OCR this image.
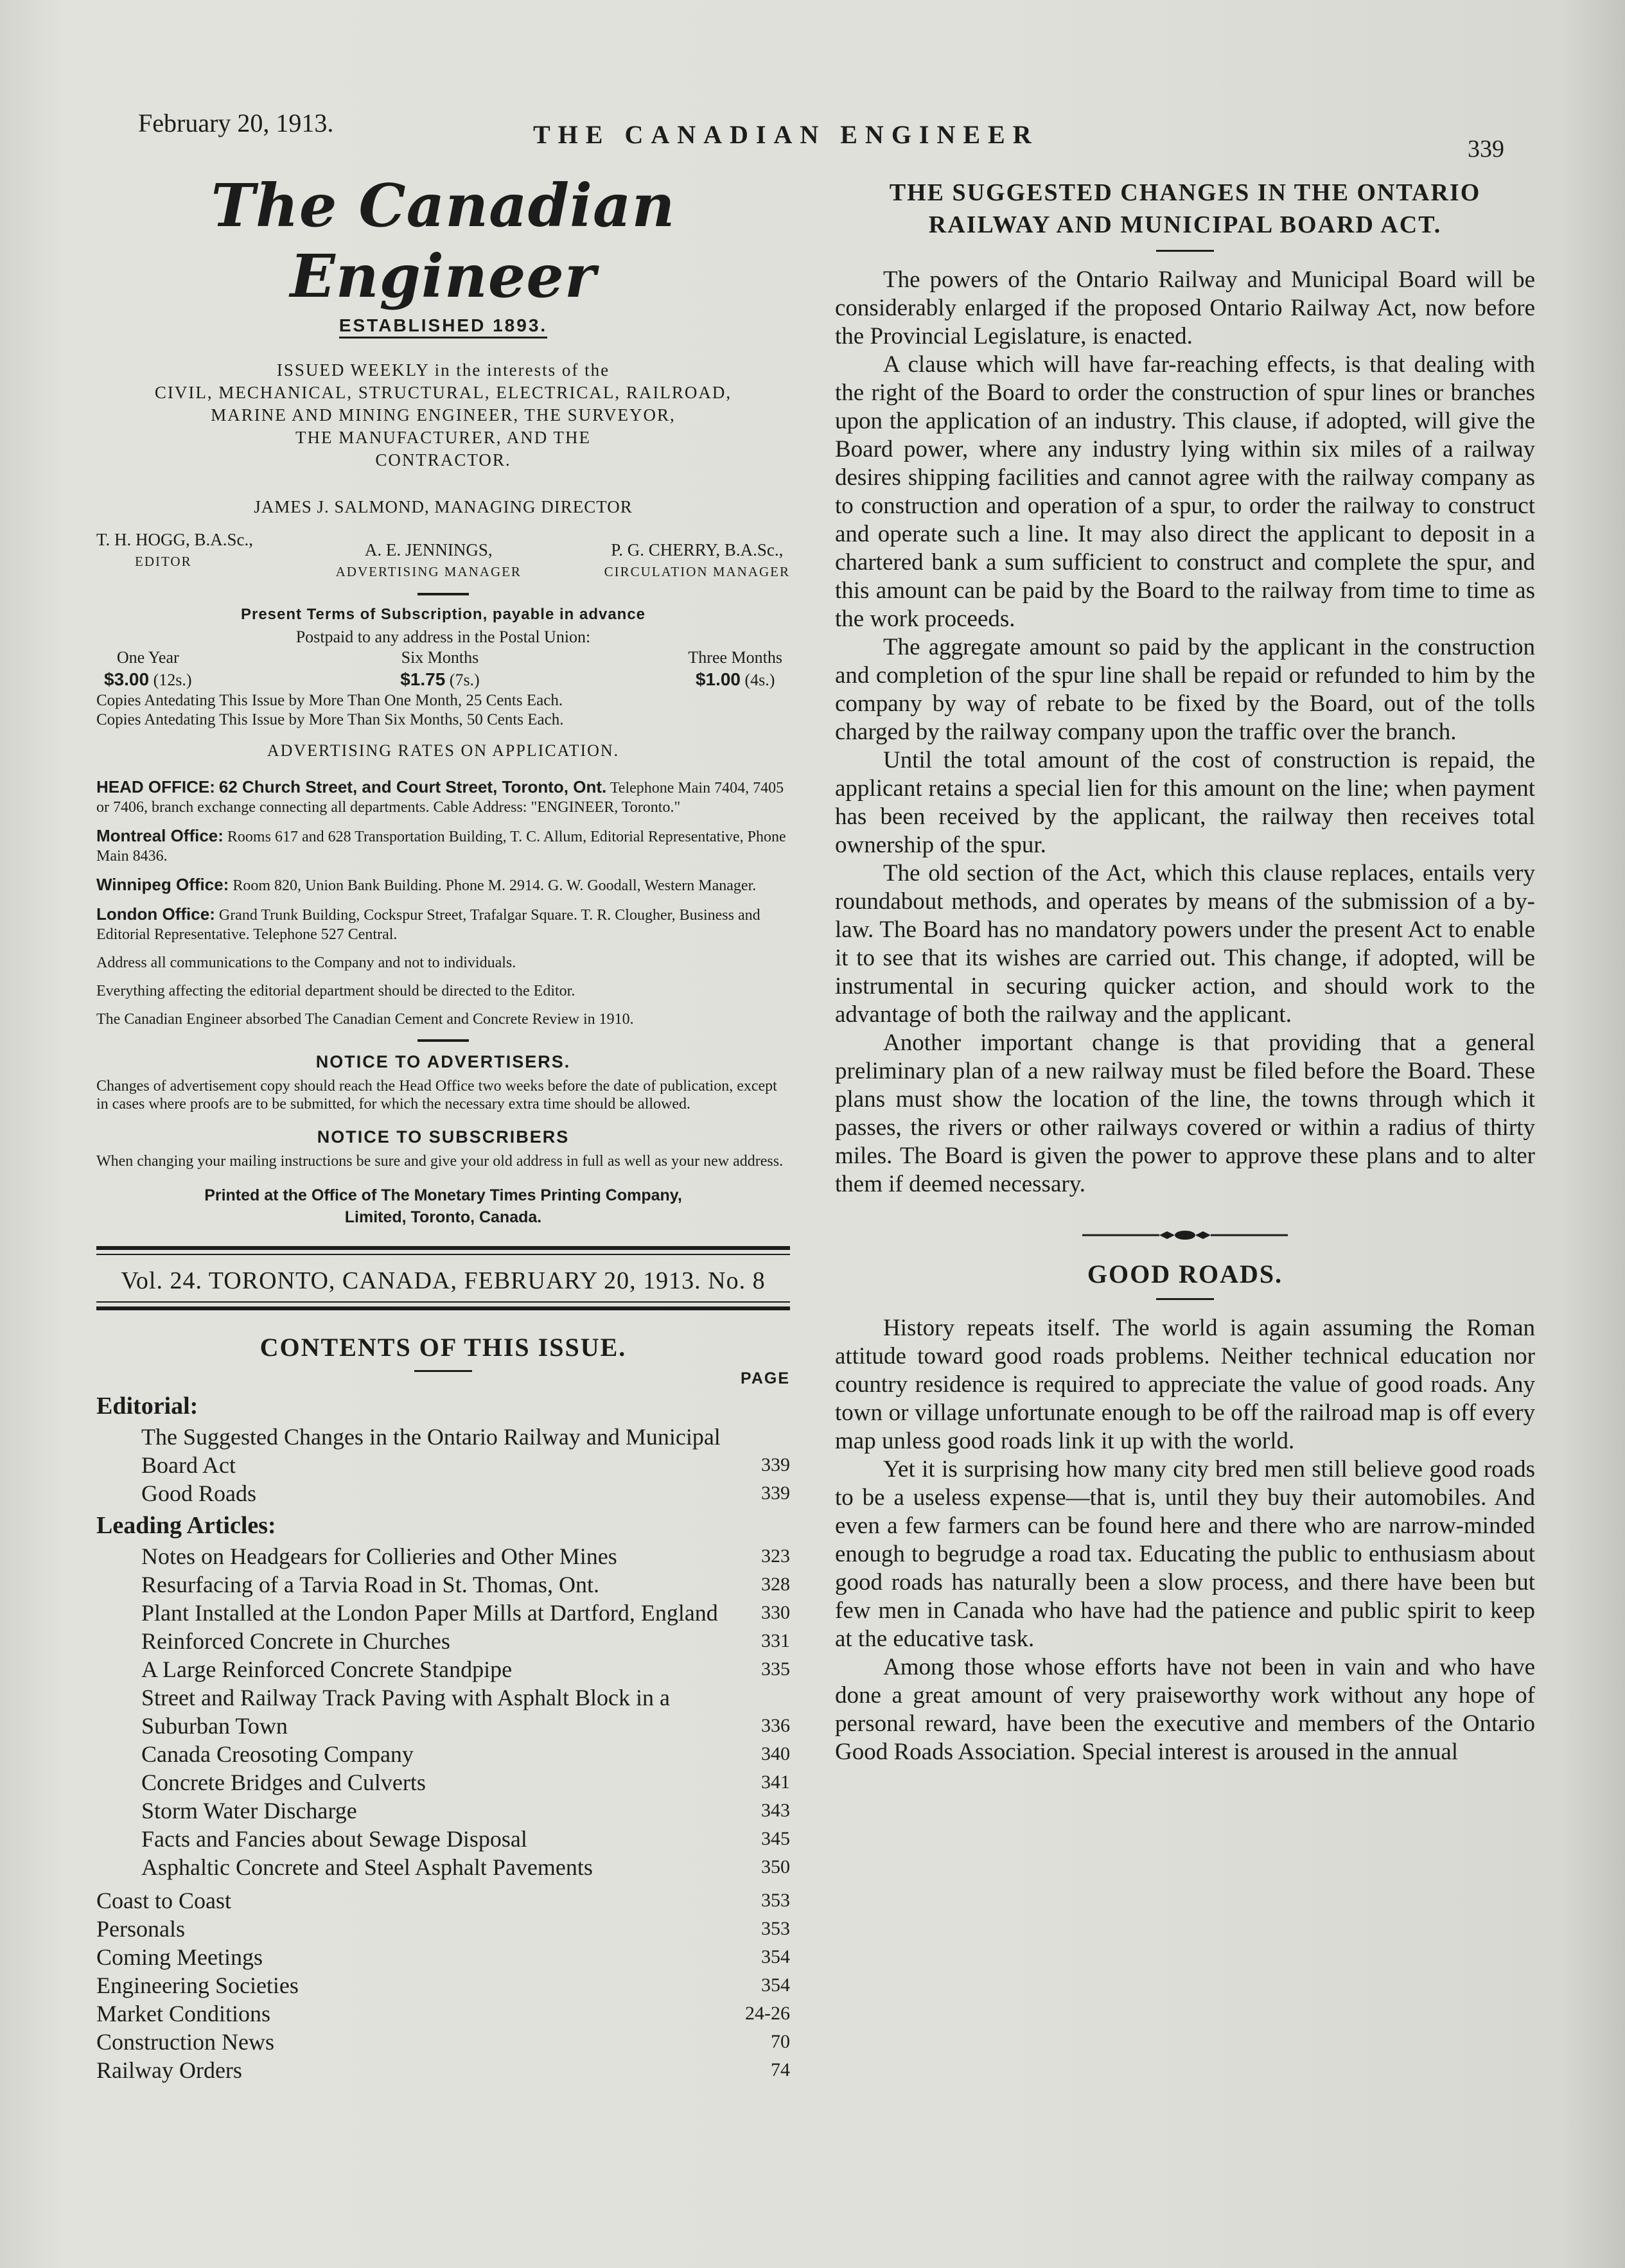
February 20, 1913.	THE CANADIAN ENGINEER	339
The Canadian Engineer
ESTABLISHED 1893.
ISSUED WEEKLY in the interests of the
CIVIL, MECHANICAL, STRUCTURAL, ELECTRICAL, RAILROAD,
MARINE AND MINING ENGINEER, THE SURVEYOR,
THE MANUFACTURER, AND THE
CONTRACTOR.
JAMES J. SALMOND, MANAGING DIRECTOR
T. H. HOGG, B.A.Sc.,
EDITOR
A. E. JENNINGS,
ADVERTISING MANAGER
P. G. CHERRY, B.A.Sc.,
CIRCULATION MANAGER
Present Terms of Subscription, payable in advance
Postpaid to any address in the Postal Union:
One Year
$3.00 (12s.)
Six Months
$1.75 (7s.)
Three Months
$1.00 (4s.)
Copies Antedating This Issue by More Than One Month, 25 Cents Each.
Copies Antedating This Issue by More Than Six Months, 50 Cents Each.
ADVERTISING RATES ON APPLICATION.

HEAD OFFICE: 62 Church Street, and Court Street, Toronto, Ont. Telephone Main 7404, 7405 or 7406, branch exchange connecting all departments. Cable Address: "ENGINEER, Toronto."

Montreal Office: Rooms 617 and 628 Transportation Building, T. C. Allum, Editorial Representative, Phone Main 8436.

Winnipeg Office: Room 820, Union Bank Building. Phone M. 2914. G. W. Goodall, Western Manager.

London Office: Grand Trunk Building, Cockspur Street, Trafalgar Square. T. R. Clougher, Business and Editorial Representative. Telephone 527 Central.

Address all communications to the Company and not to individuals.

Everything affecting the editorial department should be directed to the Editor.

The Canadian Engineer absorbed The Canadian Cement and Concrete Review in 1910.

NOTICE TO ADVERTISERS.
Changes of advertisement copy should reach the Head Office two weeks before the date of publication, except in cases where proofs are to be submitted, for which the necessary extra time should be allowed.
NOTICE TO SUBSCRIBERS
When changing your mailing instructions be sure and give your old address in full as well as your new address.
Printed at the Office of The Monetary Times Printing Company,
Limited, Toronto, Canada.
Vol. 24. TORONTO, CANADA, FEBRUARY 20, 1913. No. 8
CONTENTS OF THIS ISSUE.
PAGE
Editorial:
The Suggested Changes in the Ontario Railway and Municipal Board Act	339
Good Roads	339
Leading Articles:
Notes on Headgears for Collieries and Other Mines	323
Resurfacing of a Tarvia Road in St. Thomas, Ont.	328
Plant Installed at the London Paper Mills at Dartford, England	330
Reinforced Concrete in Churches	331
A Large Reinforced Concrete Standpipe	335
Street and Railway Track Paving with Asphalt Block in a Suburban Town	336
Canada Creosoting Company	340
Concrete Bridges and Culverts	341
Storm Water Discharge	343
Facts and Fancies about Sewage Disposal	345
Asphaltic Concrete and Steel Asphalt Pavements	350
Coast to Coast	353
Personals	353
Coming Meetings	354
Engineering Societies	354
Market Conditions	24-26
Construction News	70
Railway Orders	74
THE SUGGESTED CHANGES IN THE ONTARIO
RAILWAY AND MUNICIPAL BOARD ACT.

The powers of the Ontario Railway and Municipal Board will be considerably enlarged if the proposed Ontario Railway Act, now before the Provincial Legislature, is enacted.

A clause which will have far-reaching effects, is that dealing with the right of the Board to order the construction of spur lines or branches upon the application of an industry. This clause, if adopted, will give the Board power, where any industry lying within six miles of a railway desires shipping facilities and cannot agree with the railway company as to construction and operation of a spur, to order the railway to construct and operate such a line. It may also direct the applicant to deposit in a chartered bank a sum sufficient to construct and complete the spur, and this amount can be paid by the Board to the railway from time to time as the work proceeds.

The aggregate amount so paid by the applicant in the construction and completion of the spur line shall be repaid or refunded to him by the company by way of rebate to be fixed by the Board, out of the tolls charged by the railway company upon the traffic over the branch.

Until the total amount of the cost of construction is repaid, the applicant retains a special lien for this amount on the line; when payment has been received by the applicant, the railway then receives total ownership of the spur.

The old section of the Act, which this clause replaces, entails very roundabout methods, and operates by means of the submission of a by-law. The Board has no mandatory powers under the present Act to enable it to see that its wishes are carried out. This change, if adopted, will be instrumental in securing quicker action, and should work to the advantage of both the railway and the applicant.

Another important change is that providing that a general preliminary plan of a new railway must be filed before the Board. These plans must show the location of the line, the towns through which it passes, the rivers or other railways covered or within a radius of thirty miles. The Board is given the power to approve these plans and to alter them if deemed necessary.

GOOD ROADS.

History repeats itself. The world is again assuming the Roman attitude toward good roads problems. Neither technical education nor country residence is required to appreciate the value of good roads. Any town or village unfortunate enough to be off the railroad map is off every map unless good roads link it up with the world.

Yet it is surprising how many city bred men still believe good roads to be a useless expense—that is, until they buy their automobiles. And even a few farmers can be found here and there who are narrow-minded enough to begrudge a road tax. Educating the public to enthusiasm about good roads has naturally been a slow process, and there have been but few men in Canada who have had the patience and public spirit to keep at the educative task.

Among those whose efforts have not been in vain and who have done a great amount of very praiseworthy work without any hope of personal reward, have been the executive and members of the Ontario Good Roads Association. Special interest is aroused in the annual
